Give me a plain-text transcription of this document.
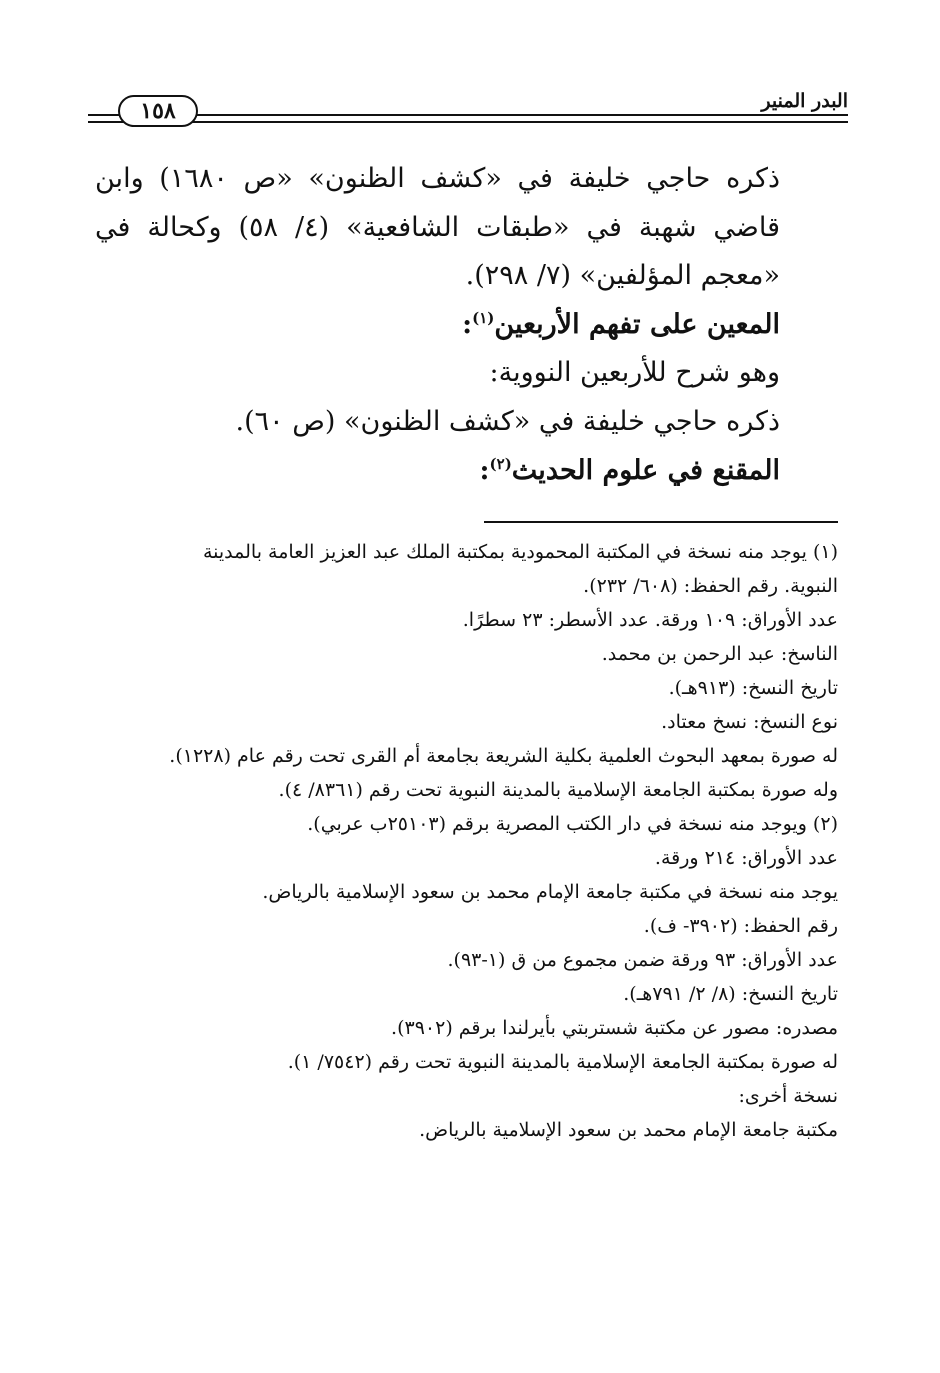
البدر المنير
١٥٨

ذكره حاجي خليفة في «كشف الظنون» «ص ١٦٨٠) وابن قاضي شهبة في «طبقات الشافعية» (٤/ ٥٨) وكحالة في «معجم المؤلفين» (٧/ ٢٩٨).

المعين على تفهم الأربعين$^{(١)}$:

وهو شرح للأربعين النووية:

ذكره حاجي خليفة في «كشف الظنون» (ص ٦٠).

المقنع في علوم الحديث$^{(٢)}$:

(١) يوجد منه نسخة في المكتبة المحمودية بمكتبة الملك عبد العزيز العامة بالمدينة

النبوية. رقم الحفظ: (٦٠٨/ ٢٣٢).

عدد الأوراق: ١٠٩ ورقة. عدد الأسطر: ٢٣ سطرًا.

الناسخ: عبد الرحمن بن محمد.

تاريخ النسخ: (٩١٣هـ).

نوع النسخ: نسخ معتاد.

له صورة بمعهد البحوث العلمية بكلية الشريعة بجامعة أم القرى تحت رقم عام (١٢٢٨).

وله صورة بمكتبة الجامعة الإسلامية بالمدينة النبوية تحت رقم (٨٣٦١/ ٤).

(٢) ويوجد منه نسخة في دار الكتب المصرية برقم (٢٥١٠٣ب عربي).

عدد الأوراق: ٢١٤ ورقة.

يوجد منه نسخة في مكتبة جامعة الإمام محمد بن سعود الإسلامية بالرياض.

رقم الحفظ: (٣٩٠٢- ف).

عدد الأوراق: ٩٣ ورقة ضمن مجموع من ق (١-٩٣).

تاريخ النسخ: (٨/ ٢/ ٧٩١هـ).

مصدره: مصور عن مكتبة شستربتي بأيرلندا برقم (٣٩٠٢).

له صورة بمكتبة الجامعة الإسلامية بالمدينة النبوية تحت رقم (٧٥٤٢/ ١).

نسخة أخرى:

مكتبة جامعة الإمام محمد بن سعود الإسلامية بالرياض.
